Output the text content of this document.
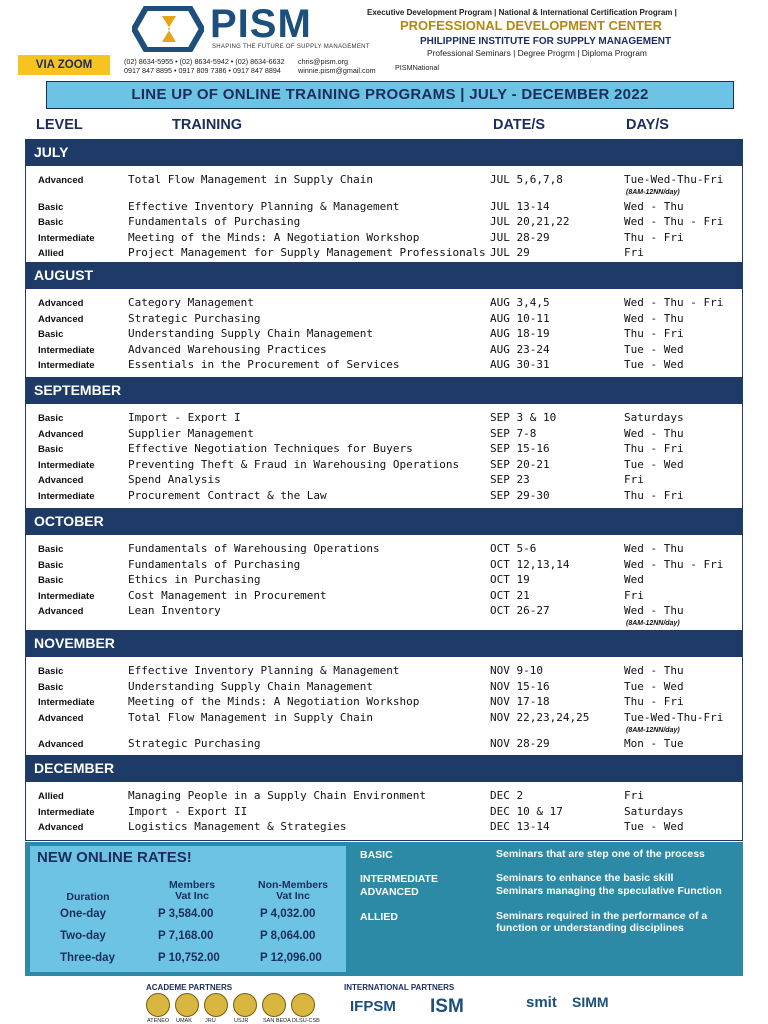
PISM
SHAPING THE FUTURE OF SUPPLY MANAGEMENT
(02) 8634-5955 • (02) 8634-5942 • (02) 8634-6632
0917 847 8895 • 0917 809 7386 • 0917 847 8894
chris@pism.org
winnie.pism@gmail.com	PISMNational
Executive Development Program | National & International Certification Program |
PROFESSIONAL DEVELOPMENT CENTER
PHILIPPINE INSTITUTE FOR SUPPLY MANAGEMENT
Professional Seminars | Degree Progrm | Diploma Program
VIA ZOOM
LINE UP OF ONLINE TRAINING PROGRAMS | JULY - DECEMBER 2022
LEVEL	TRAINING	DATE/S	DAY/S
JULY
Advanced	Total Flow Management in Supply Chain	JUL 5,6,7,8	Tue-Wed-Thu-Fri
(8AM-12NN/day)
Basic	Effective Inventory Planning & Management	JUL 13-14	Wed - Thu
Basic	Fundamentals of Purchasing	JUL 20,21,22	Wed - Thu - Fri
Intermediate	Meeting of the Minds: A Negotiation Workshop	JUL 28-29	Thu - Fri
Allied	Project Management for Supply Management Professionals JUL 29	Fri
AUGUST
Advanced	Category Management	AUG 3,4,5	Wed - Thu - Fri
Advanced	Strategic Purchasing	AUG 10-11	Wed - Thu
Basic	Understanding Supply Chain Management	AUG 18-19	Thu - Fri
Intermediate	Advanced Warehousing Practices	AUG 23-24	Tue - Wed
Intermediate	Essentials in the Procurement of Services	AUG 30-31	Tue - Wed
SEPTEMBER
Basic	Import - Export I	SEP 3 & 10	Saturdays
Advanced	Supplier Management	SEP 7-8	Wed - Thu
Basic	Effective Negotiation Techniques for Buyers	SEP 15-16	Thu - Fri
Intermediate	Preventing Theft & Fraud in Warehousing Operations	SEP 20-21	Tue - Wed
Advanced	Spend Analysis	SEP 23	Fri
Intermediate	Procurement Contract & the Law	SEP 29-30	Thu - Fri
OCTOBER
Basic	Fundamentals of Warehousing Operations	OCT 5-6	Wed - Thu
Basic	Fundamentals of Purchasing	OCT 12,13,14	Wed - Thu - Fri
Basic	Ethics in Purchasing	OCT 19	Wed
Intermediate	Cost Management in Procurement	OCT 21	Fri
Advanced	Lean Inventory	OCT 26-27	Wed - Thu
(8AM-12NN/day)
NOVEMBER
Basic	Effective Inventory Planning & Management	NOV 9-10	Wed - Thu
Basic	Understanding Supply Chain Management	NOV 15-16	Tue - Wed
Intermediate	Meeting of the Minds: A Negotiation Workshop	NOV 17-18	Thu - Fri
Advanced	Total Flow Management in Supply Chain	NOV 22,23,24,25	Tue-Wed-Thu-Fri
(8AM-12NN/day)
Advanced	Strategic Purchasing	NOV 28-29	Mon - Tue
DECEMBER
Allied	Managing People in a Supply Chain Environment	DEC 2	Fri
Intermediate	Import - Export II	DEC 10 & 17	Saturdays
Advanced	Logistics Management & Strategies	DEC 13-14	Tue - Wed
NEW ONLINE RATES!
Duration
Members
Vat Inc
Non-Members
Vat Inc
One-day	P 3,584.00	P 4,032.00
Two-day	P 7,168.00	P 8,064.00
Three-day	P 10,752.00	P 12,096.00
BASIC	Seminars that are step one of the process
INTERMEDIATE	Seminars to enhance the basic skill
ADVANCED	Seminars managing the speculative Function
ALLIED	Seminars required in the performance of a function or understanding disciplines
ACADEME PARTNERS	INTERNATIONAL PARTNERS
ATENEO UMAK JRU	USJR	SAN BEDA DLSU-CSB
IFPSM ISM	smit SIMM
